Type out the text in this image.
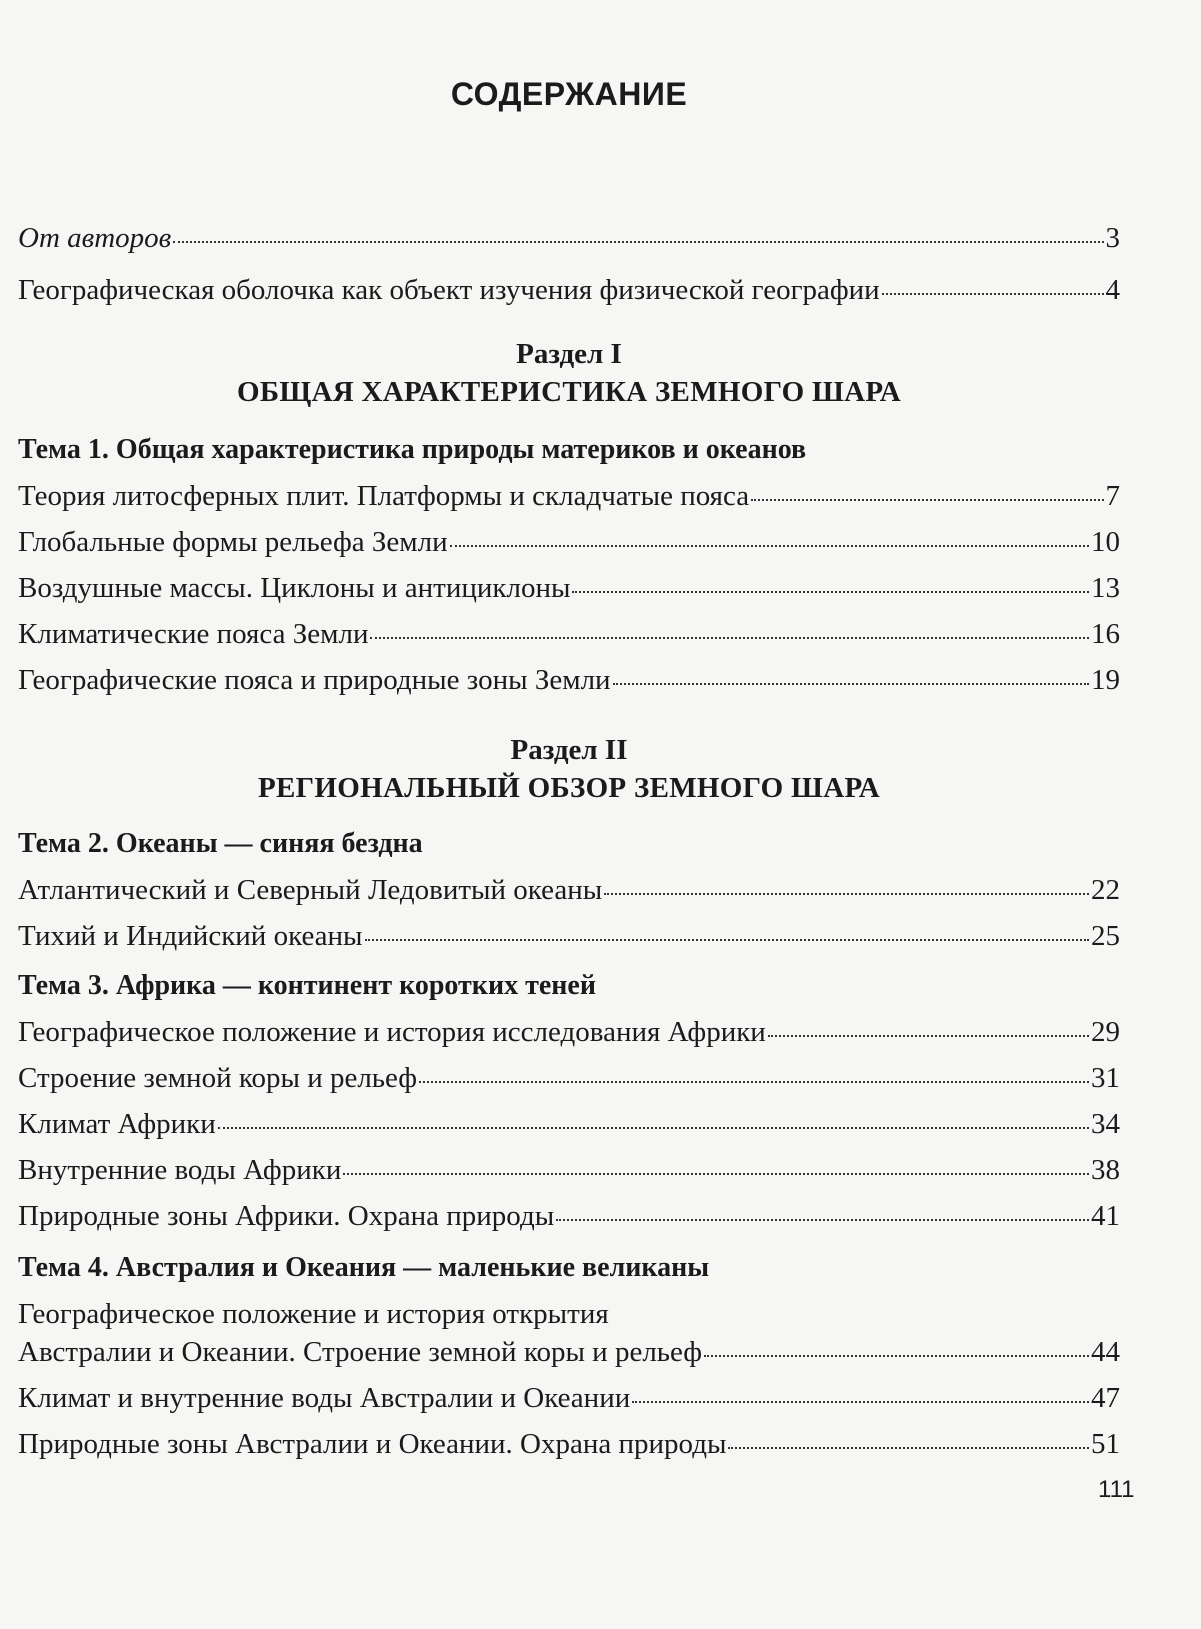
СОДЕРЖАНИЕ
От авторов	3
Географическая оболочка как объект изучения физической географии	4
Раздел I
ОБЩАЯ ХАРАКТЕРИСТИКА ЗЕМНОГО ШАРА
Тема 1. Общая характеристика природы материков и океанов
Теория литосферных плит. Платформы и складчатые пояса	7
Глобальные формы рельефа Земли	10
Воздушные массы. Циклоны и антициклоны	13
Климатические пояса Земли	16
Географические пояса и природные зоны Земли	19
Раздел II
РЕГИОНАЛЬНЫЙ ОБЗОР ЗЕМНОГО ШАРА
Тема 2. Океаны — синяя бездна
Атлантический и Северный Ледовитый океаны	22
Тихий и Индийский океаны	25
Тема 3. Африка — континент коротких теней
Географическое положение и история исследования Африки	29
Строение земной коры и рельеф	31
Климат Африки	34
Внутренние воды Африки	38
Природные зоны Африки. Охрана природы	41
Тема 4. Австралия и Океания — маленькие великаны
Географическое положение и история открытия
Австралии и Океании. Строение земной коры и рельеф	44
Климат и внутренние воды Австралии и Океании	47
Природные зоны Австралии и Океании. Охрана природы	51
111
